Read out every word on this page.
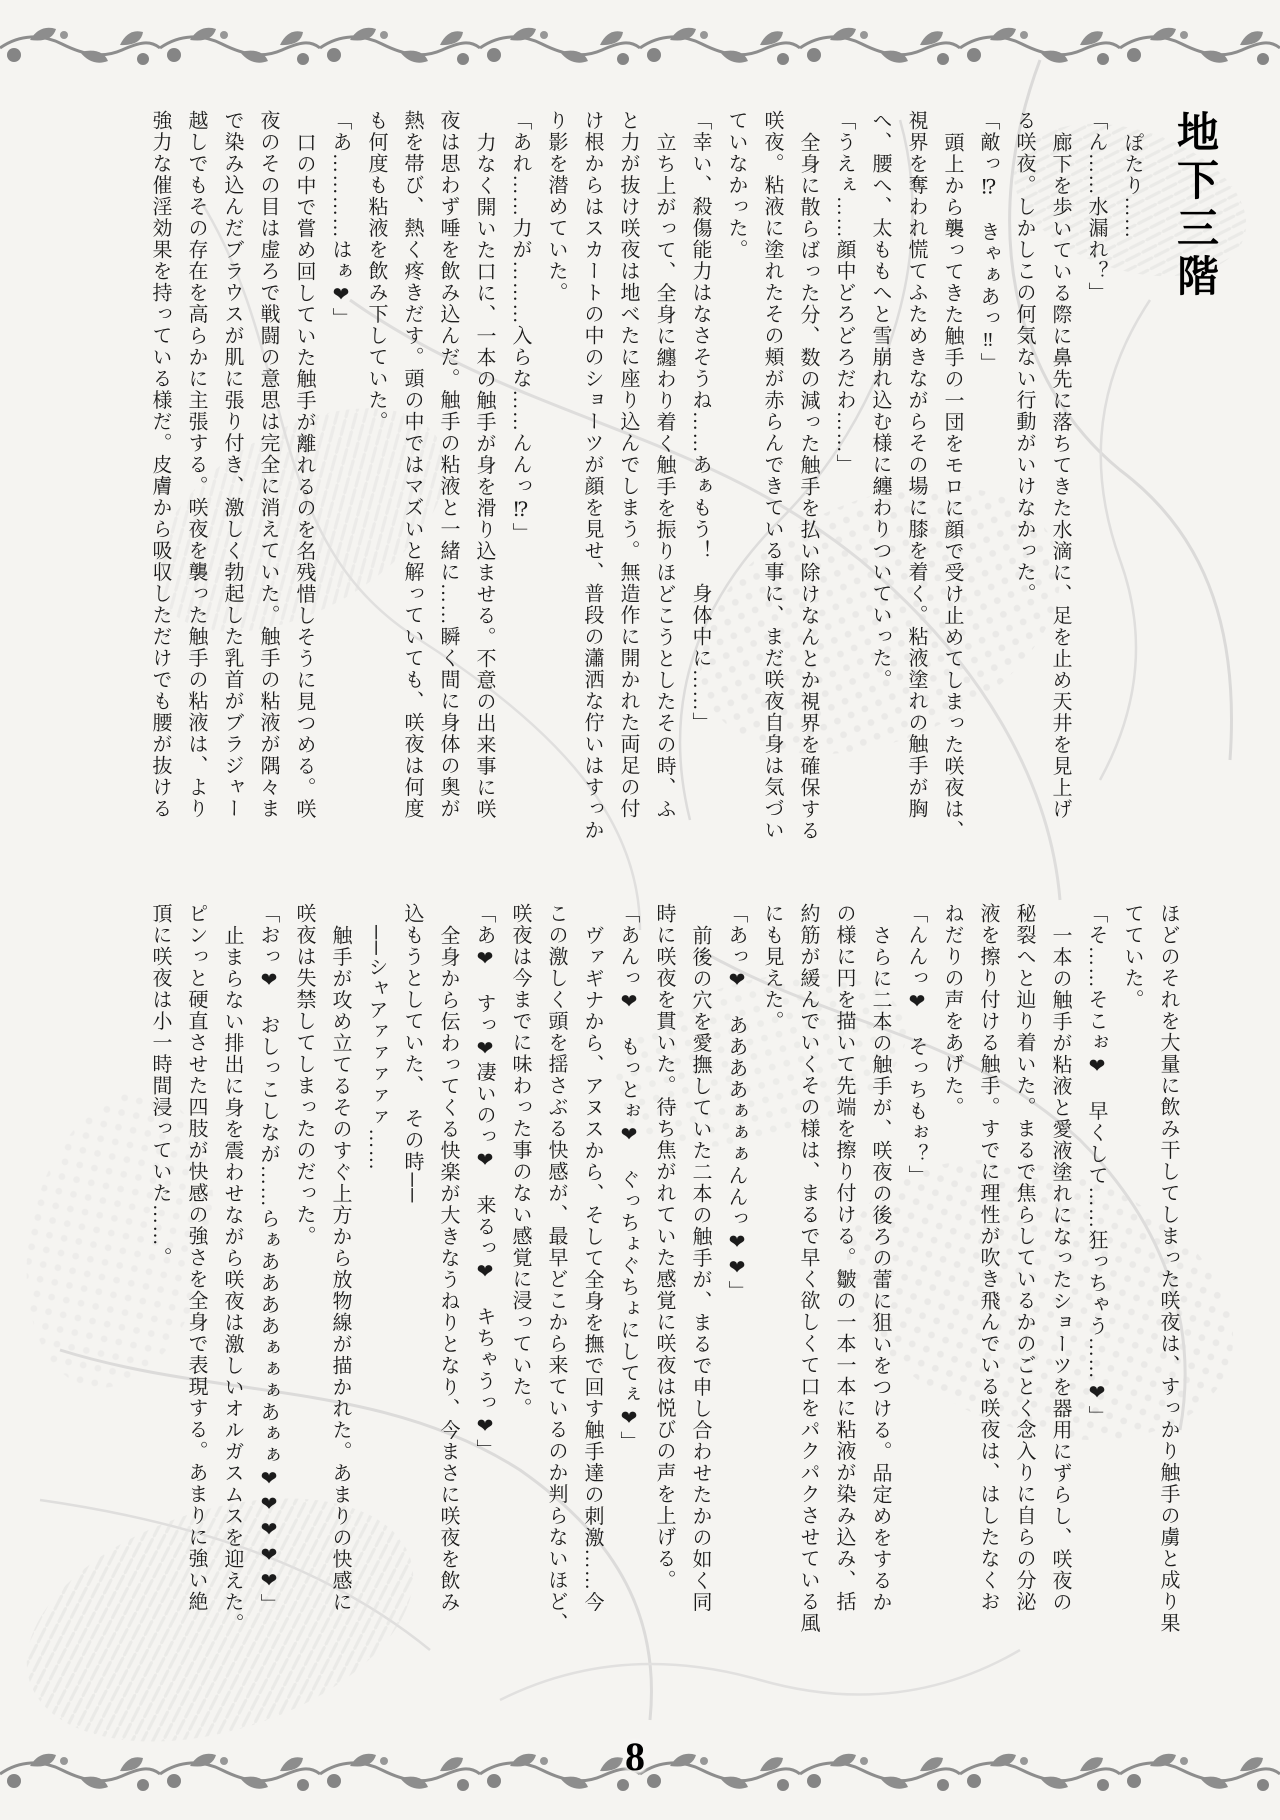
地下三階

ぽたり……

「ん……水漏れ？」

廊下を歩いている際に鼻先に落ちてきた水滴に、足を止め天井を見上げ

る咲夜。しかしこの何気ない行動がいけなかった。

「敵っ⁉　きゃぁあっ‼」

頭上から襲ってきた触手の一団をモロに顔で受け止めてしまった咲夜は、

視界を奪われ慌てふためきながらその場に膝を着く。粘液塗れの触手が胸

へ、腰へ、太ももへと雪崩れ込む様に纏わりついていった。

「うえぇ……顔中どろどろだわ……」

全身に散らばった分、数の減った触手を払い除けなんとか視界を確保する

咲夜。粘液に塗れたその頬が赤らんできている事に、まだ咲夜自身は気づい

ていなかった。

「幸い、殺傷能力はなさそうね……あぁもう！　身体中に……」

立ち上がって、全身に纏わり着く触手を振りほどこうとしたその時、ふ

と力が抜け咲夜は地べたに座り込んでしまう。無造作に開かれた両足の付

け根からはスカートの中のショーツが顔を見せ、普段の瀟洒な佇いはすっか

り影を潜めていた。

「あれ……力が………入らな……んんっ⁉」

力なく開いた口に、一本の触手が身を滑り込ませる。不意の出来事に咲

夜は思わず唾を飲み込んだ。触手の粘液と一緒に……瞬く間に身体の奥が

熱を帯び、熱く疼きだす。頭の中ではマズいと解っていても、咲夜は何度

も何度も粘液を飲み下していた。

「あ…………はぁ❤」

口の中で嘗め回していた触手が離れるのを名残惜しそうに見つめる。咲

夜のその目は虚ろで戦闘の意思は完全に消えていた。触手の粘液が隅々ま

で染み込んだブラウスが肌に張り付き、激しく勃起した乳首がブラジャー

越しでもその存在を高らかに主張する。咲夜を襲った触手の粘液は、より

強力な催淫効果を持っている様だ。皮膚から吸収しただけでも腰が抜ける

ほどのそれを大量に飲み干してしまった咲夜は、すっかり触手の虜と成り果

てていた。

「そ……そこぉ❤　早くして……狂っちゃう……❤」

一本の触手が粘液と愛液塗れになったショーツを器用にずらし、咲夜の

秘裂へと辿り着いた。まるで焦らしているかのごとく念入りに自らの分泌

液を擦り付ける触手。すでに理性が吹き飛んでいる咲夜は、はしたなくお

ねだりの声をあげた。

「んんっ❤　そっちもぉ？」

さらに二本の触手が、咲夜の後ろの蕾に狙いをつける。品定めをするか

の様に円を描いて先端を擦り付ける。皺の一本一本に粘液が染み込み、括

約筋が緩んでいくその様は、まるで早く欲しくて口をパクパクさせている風

にも見えた。

「あっ❤　ああああぁぁぁんんっ❤❤」

前後の穴を愛撫していた二本の触手が、まるで申し合わせたかの如く同

時に咲夜を貫いた。待ち焦がれていた感覚に咲夜は悦びの声を上げる。

「あんっ❤　もっとぉ❤　ぐっちょぐちょにしてぇ❤」

ヴァギナから、アヌスから、そして全身を撫で回す触手達の刺激……今

この激しく頭を揺さぶる快感が、最早どこから来ているのか判らないほど、

咲夜は今までに味わった事のない感覚に浸っていた。

「あ❤　すっ❤凄いのっ❤　来るっ❤　キちゃうっ❤」

全身から伝わってくる快楽が大きなうねりとなり、今まさに咲夜を飲み

込もうとしていた、　その時──

──シャアァァァァァ……

触手が攻め立てるそのすぐ上方から放物線が描かれた。あまりの快感に

咲夜は失禁してしまったのだった。

「おっ❤　おしっこしなが……らぁああああぁぁぁあぁぁ❤❤❤❤❤」

止まらない排出に身を震わせながら咲夜は激しいオルガスムスを迎えた。

ピンっと硬直させた四肢が快感の強さを全身で表現する。あまりに強い絶

頂に咲夜は小一時間浸っていた……。

8
